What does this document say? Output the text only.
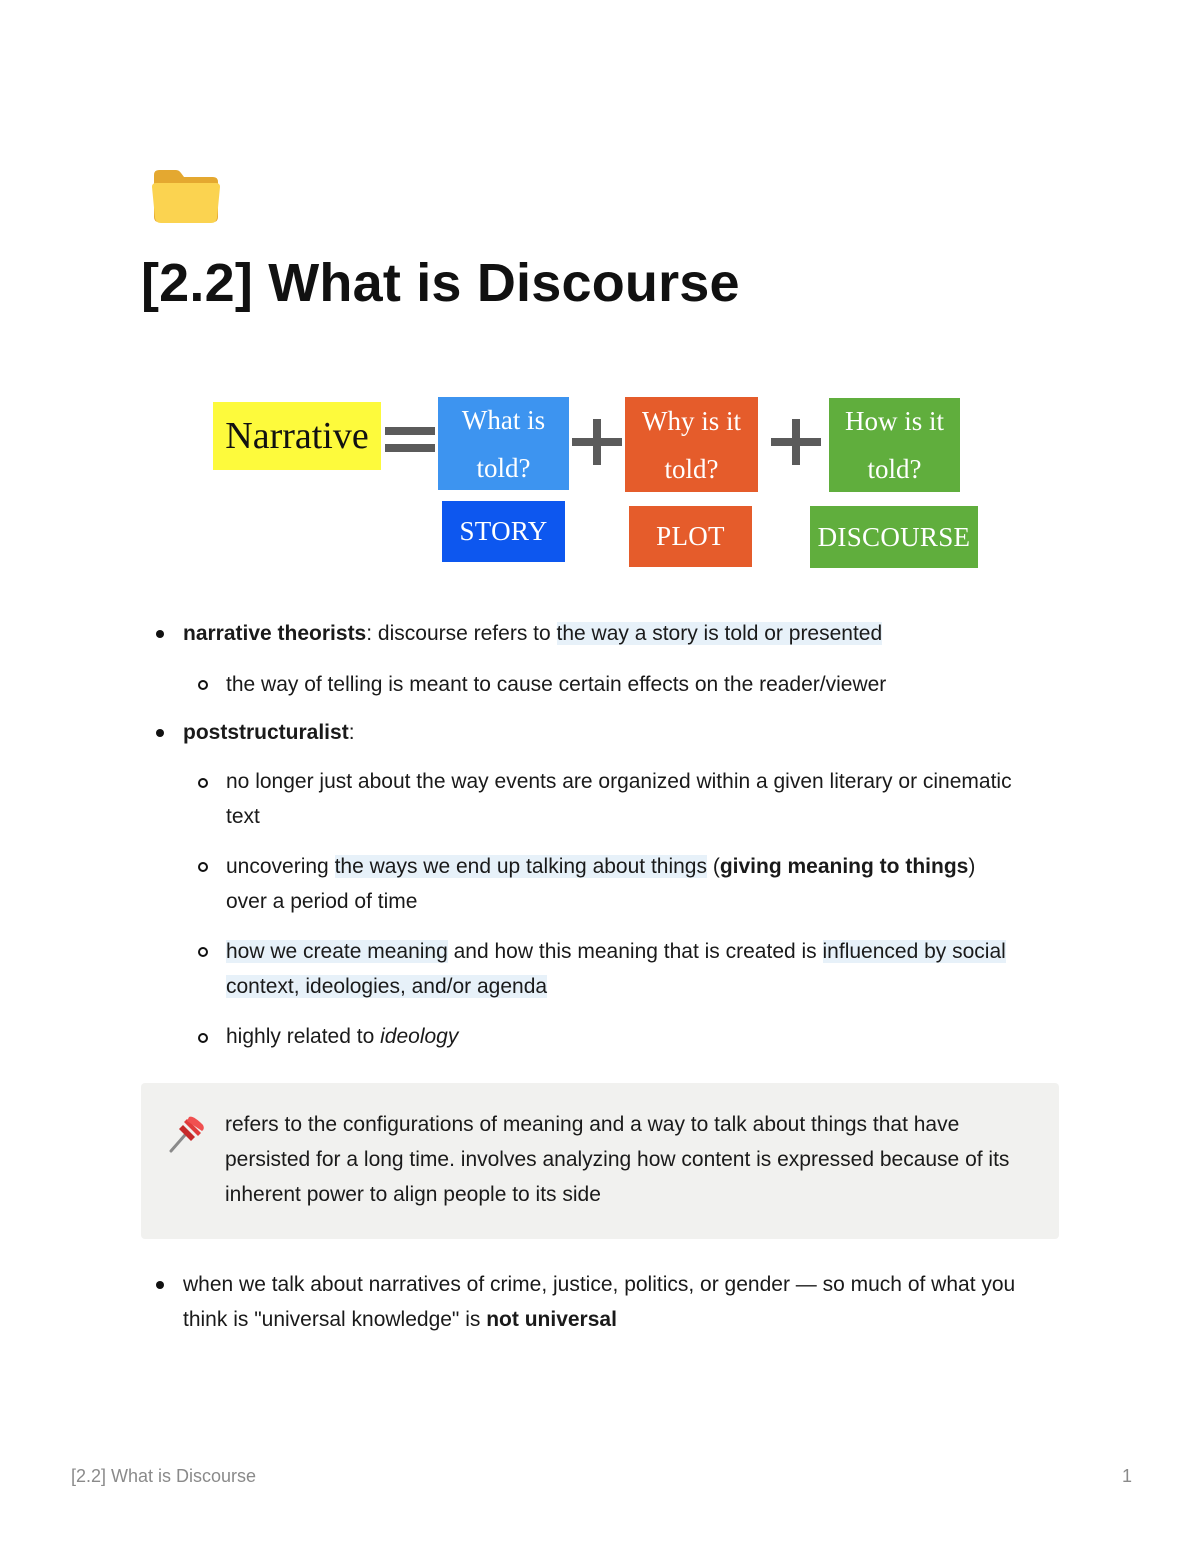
[2.2] What is Discourse
Narrative	What is
told?
Why is it
told?
How is it
told?
STORY	PLOT	DISCOURSE
narrative theorists: discourse refers to the way a story is told or presented
the way of telling is meant to cause certain effects on the reader/viewer
poststructuralist:
no longer just about the way events are organized within a given literary or cinematic text
uncovering the ways we end up talking about things (giving meaning to things) over a period of time
how we create meaning and how this meaning that is created is influenced by social context, ideologies, and/or agenda
highly related to ideology
refers to the configurations of meaning and a way to talk about things that have persisted for a long time. involves analyzing how content is expressed because of its inherent power to align people to its side
when we talk about narratives of crime, justice, politics, or gender — so much of what you think is "universal knowledge" is not universal
[2.2] What is Discourse	1
